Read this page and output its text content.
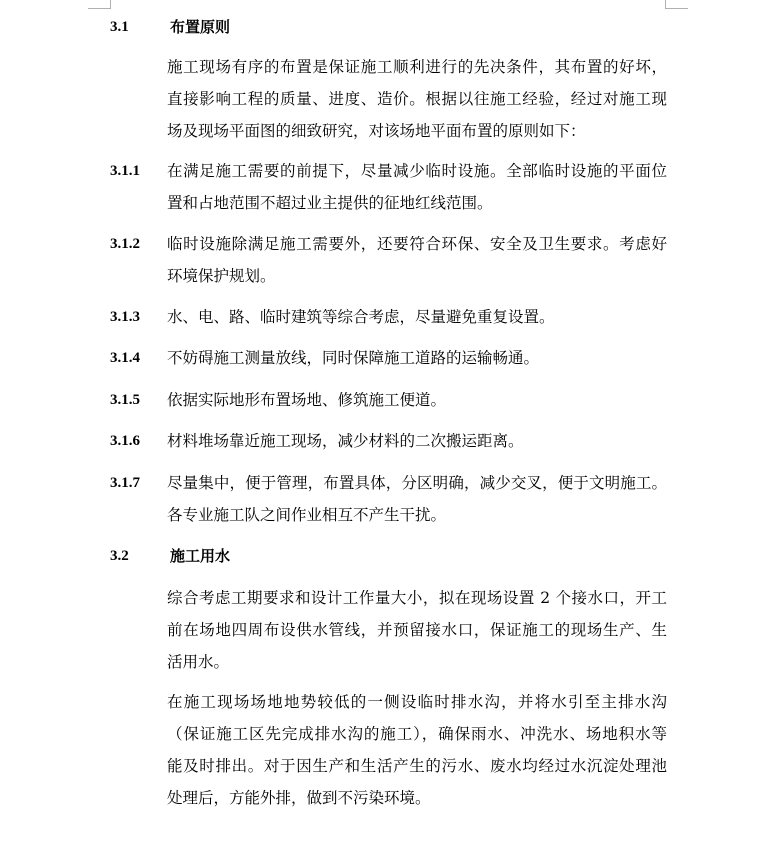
3.1	布置原则
施工现场有序的布置是保证施工顺利进行的先决条件，其布置的好坏，
直接影响工程的质量、进度、造价。根据以往施工经验，经过对施工现
场及现场平面图的细致研究，对该场地平面布置的原则如下：
3.1.1 在满足施工需要的前提下，尽量减少临时设施。全部临时设施的平面位
置和占地范围不超过业主提供的征地红线范围。
3.1.2 临时设施除满足施工需要外，还要符合环保、安全及卫生要求。考虑好
环境保护规划。
3.1.3 水、电、路、临时建筑等综合考虑，尽量避免重复设置。
3.1.4 不妨碍施工测量放线，同时保障施工道路的运输畅通。
3.1.5 依据实际地形布置场地、修筑施工便道。
3.1.6 材料堆场靠近施工现场，减少材料的二次搬运距离。
3.1.7 尽量集中，便于管理，布置具体，分区明确，减少交叉，便于文明施工。
各专业施工队之间作业相互不产生干扰。
3.2	施工用水
综合考虑工期要求和设计工作量大小，拟在现场设置 2 个接水口，开工
前在场地四周布设供水管线，并预留接水口，保证施工的现场生产、生
活用水。
在施工现场场地地势较低的一侧设临时排水沟，并将水引至主排水沟
（保证施工区先完成排水沟的施工），确保雨水、冲洗水、场地积水等
能及时排出。对于因生产和生活产生的污水、废水均经过水沉淀处理池
处理后，方能外排，做到不污染环境。
